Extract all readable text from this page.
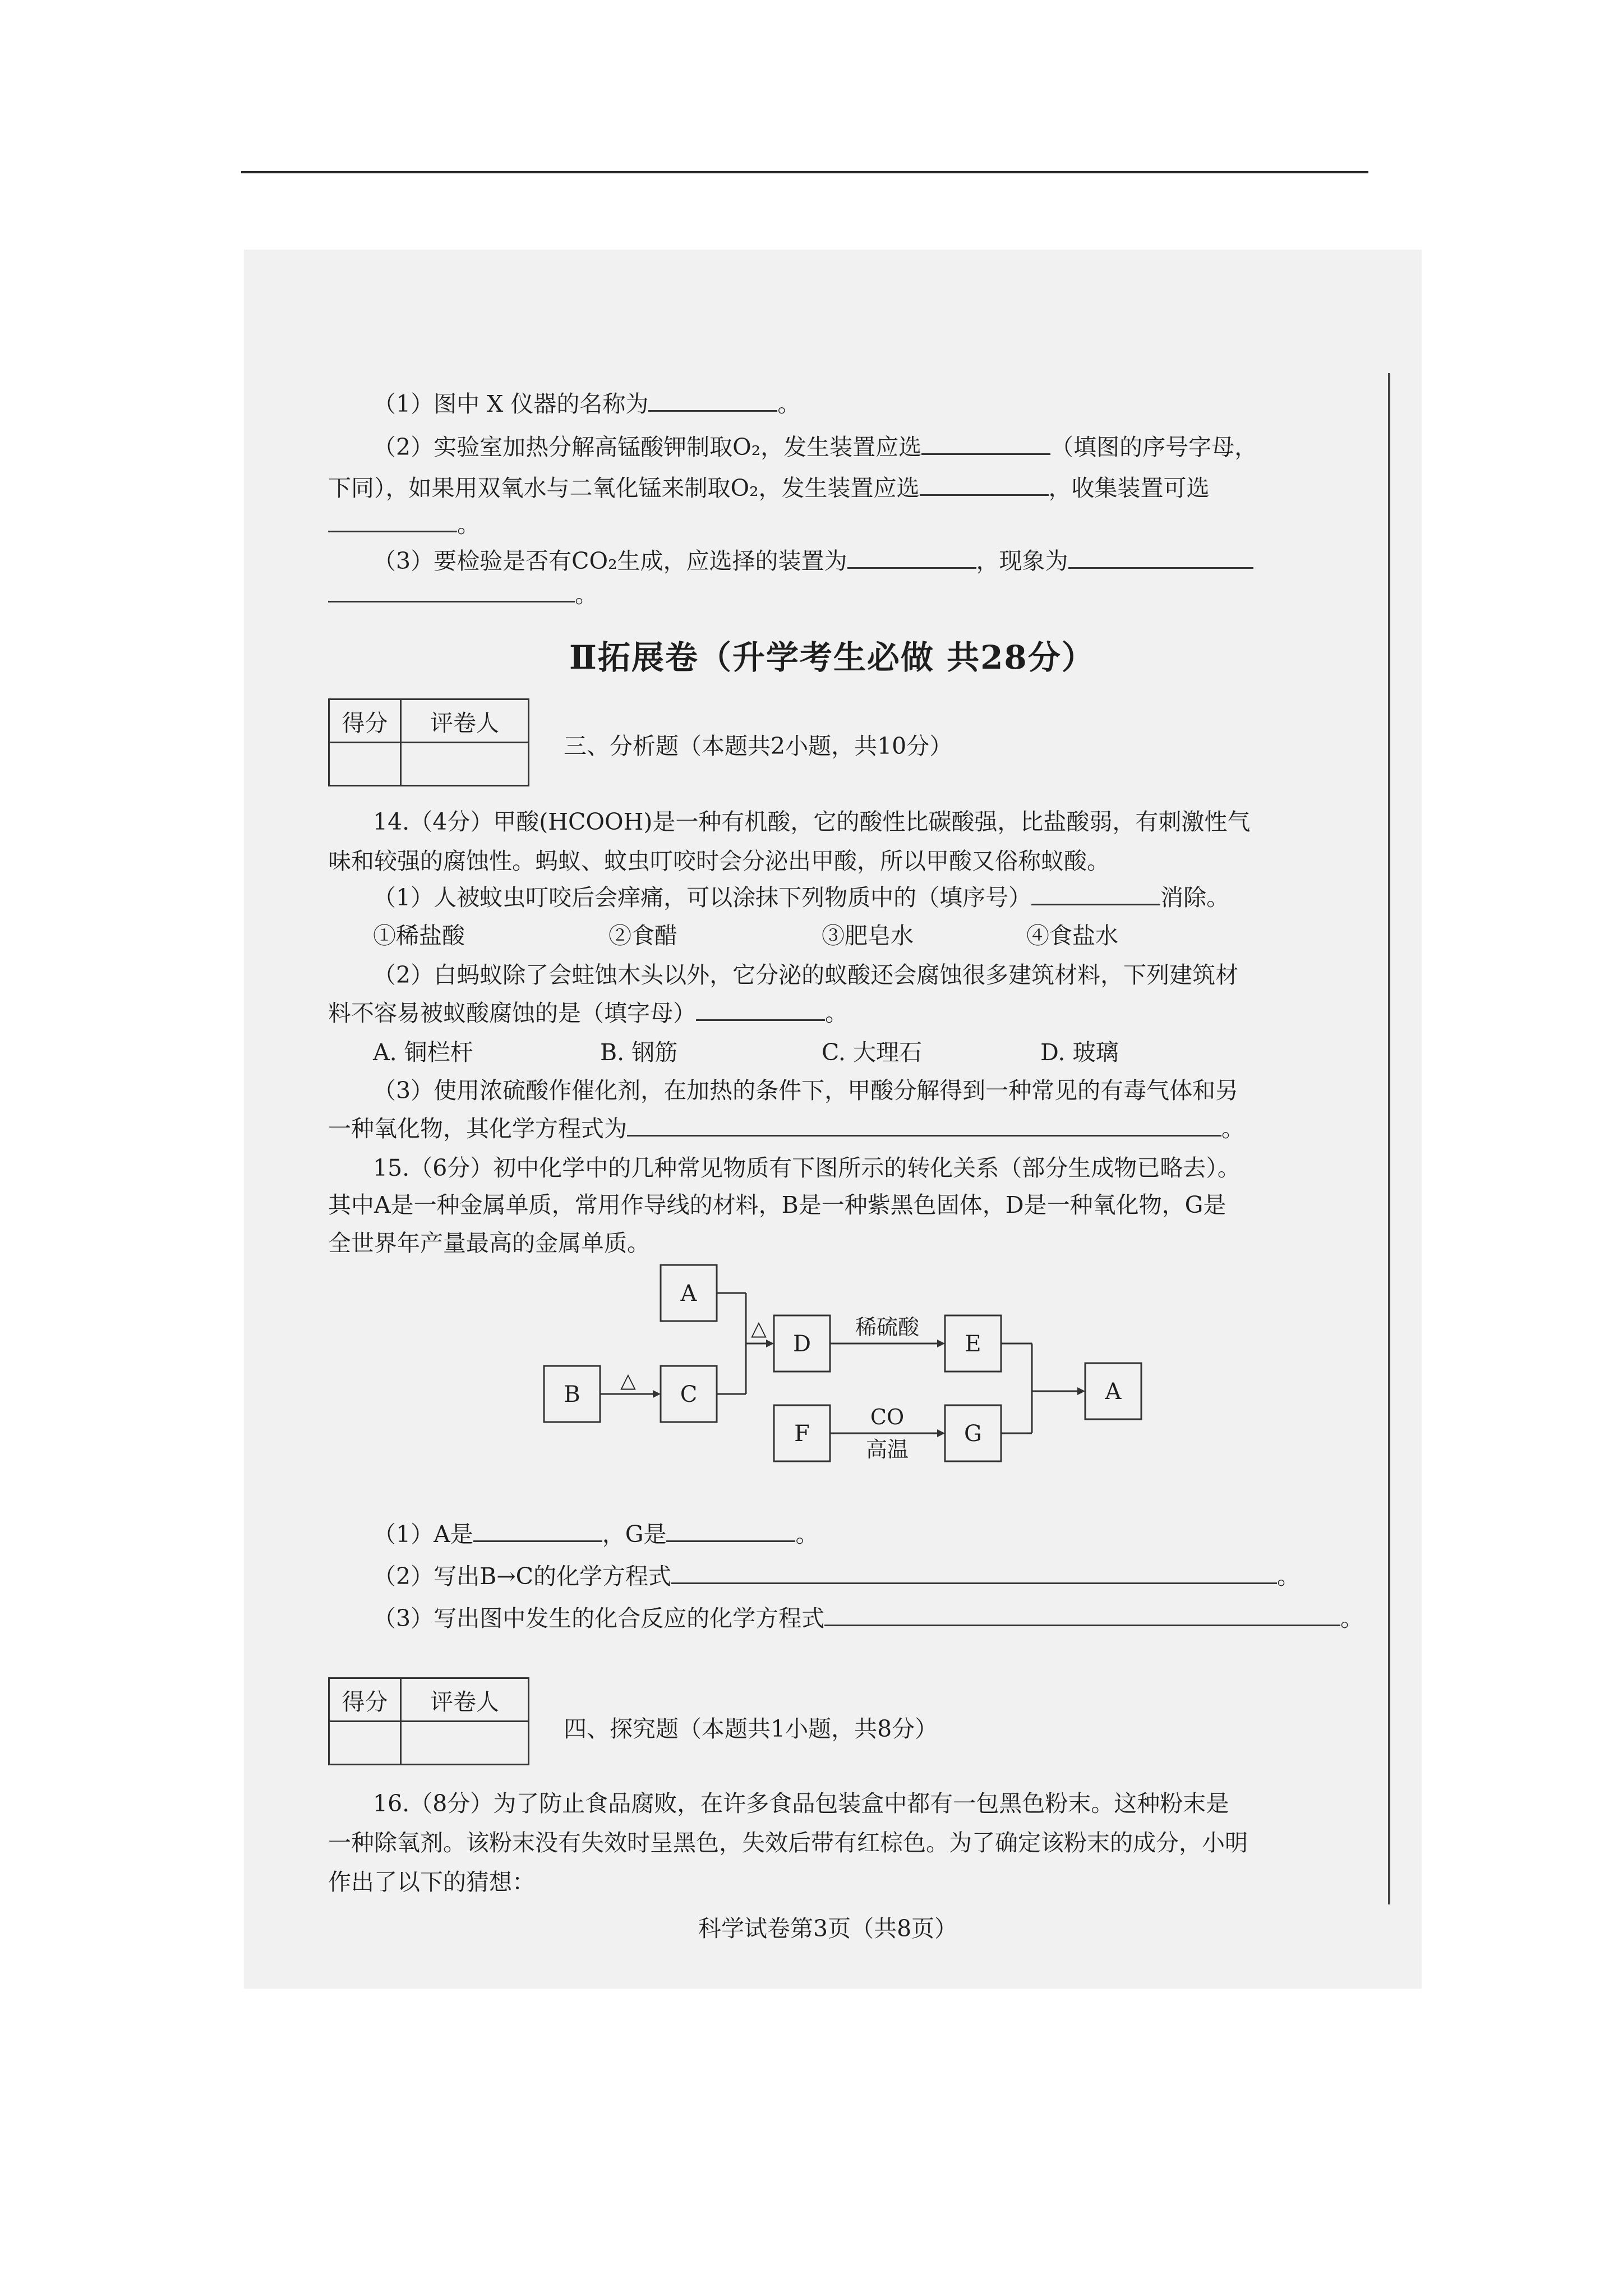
（1）图中 X 仪器的名称为	。
（2）实验室加热分解高锰酸钾制取O₂，发生装置应选	（填图的序号字母，
下同），如果用双氧水与二氧化锰来制取O₂，发生装置应选	，收集装置可选
。
（3）要检验是否有CO₂生成，应选择的装置为	，现象为
。
Ⅱ拓展卷（升学考生必做 共28分）
得分	评卷人

三、分析题（本题共2小题，共10分）
14.（4分）甲酸(HCOOH)是一种有机酸，它的酸性比碳酸强，比盐酸弱，有刺激性气
味和较强的腐蚀性。蚂蚁、蚊虫叮咬时会分泌出甲酸，所以甲酸又俗称蚁酸。
（1）人被蚊虫叮咬后会痒痛，可以涂抹下列物质中的（填序号）	消除。
①稀盐酸	②食醋	③肥皂水	④食盐水
（2）白蚂蚁除了会蛀蚀木头以外，它分泌的蚁酸还会腐蚀很多建筑材料，下列建筑材
料不容易被蚁酸腐蚀的是（填字母）	。
A. 铜栏杆	B. 钢筋	C. 大理石	D. 玻璃
（3）使用浓硫酸作催化剂，在加热的条件下，甲酸分解得到一种常见的有毒气体和另
一种氧化物，其化学方程式为	。
15.（6分）初中化学中的几种常见物质有下图所示的转化关系（部分生成物已略去）。
其中A是一种金属单质，常用作导线的材料，B是一种紫黑色固体，D是一种氧化物，G是
全世界年产量最高的金属单质。
A
B	C
D	E
F	G
A
△
△	稀硫酸
CO
高温
（1）A是	，G是	。
（2）写出B→C的化学方程式	。
（3）写出图中发生的化合反应的化学方程式	。
得分	评卷人

四、探究题（本题共1小题，共8分）
16.（8分）为了防止食品腐败，在许多食品包装盒中都有一包黑色粉末。这种粉末是
一种除氧剂。该粉末没有失效时呈黑色，失效后带有红棕色。为了确定该粉末的成分，小明
作出了以下的猜想：
科学试卷第3页（共8页）
